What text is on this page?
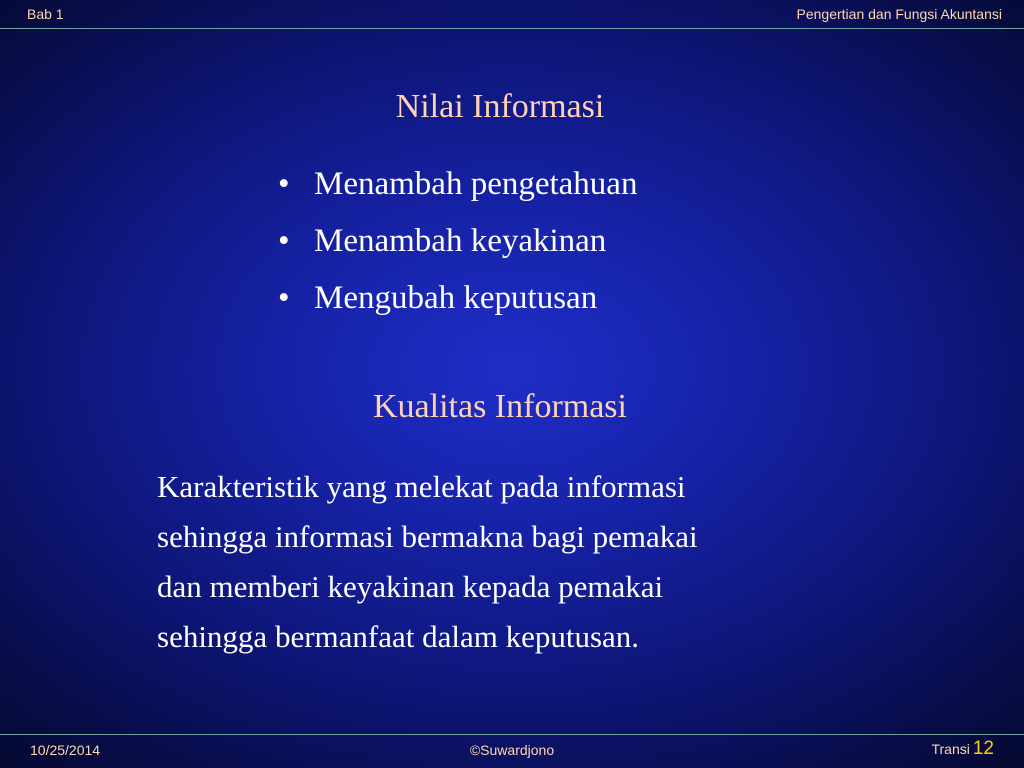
Bab 1	Pengertian dan Fungsi Akuntansi
Nilai Informasi
• Menambah pengetahuan
• Menambah keyakinan
• Mengubah keputusan
Kualitas Informasi

Karakteristik yang melekat pada informasi
sehingga informasi bermakna bagi pemakai
dan memberi keyakinan kepada pemakai
sehingga bermanfaat dalam keputusan.

10/25/2014	©Suwardjono	Transi 12
